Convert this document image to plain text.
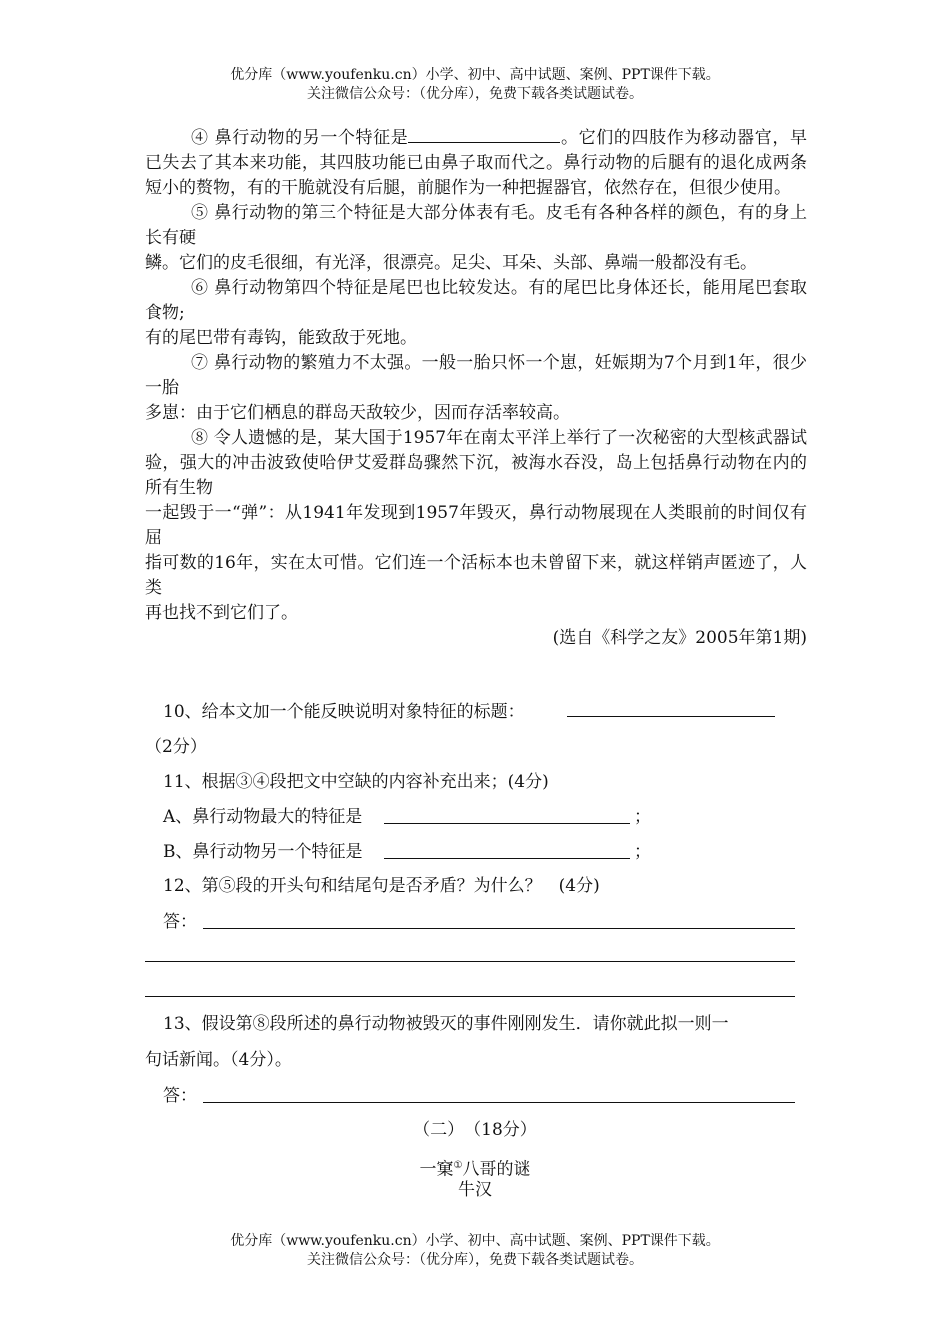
优分库（www.youfenku.cn）小学、初中、高中试题、案例、PPT课件下载。
关注微信公众号：（优分库），免费下载各类试题试卷。

④ 鼻行动物的另一个特征是	。它们的四肢作为移动器官，早已失去了其本来功能，其四肢功能已由鼻子取而代之。鼻行动物的后腿有的退化成两条短小的赘物，有的干脆就没有后腿，前腿作为一种把握器官，依然存在，但很少使用。

⑤ 鼻行动物的第三个特征是大部分体表有毛。皮毛有各种各样的颜色，有的身上长有硬
鳞。它们的皮毛很细，有光泽，很漂亮。足尖、耳朵、头部、鼻端一般都没有毛。

⑥ 鼻行动物第四个特征是尾巴也比较发达。有的尾巴比身体还长，能用尾巴套取食物;
有的尾巴带有毒钩，能致敌于死地。

⑦ 鼻行动物的繁殖力不太强。一般一胎只怀一个崽，妊娠期为7个月到1年，很少一胎
多崽：由于它们栖息的群岛天敌较少，因而存活率较高。

⑧ 令人遗憾的是，某大国于1957年在南太平洋上举行了一次秘密的大型核武器试验，强大的冲击波致使哈伊艾爱群岛骤然下沉，被海水吞没，岛上包括鼻行动物在内的所有生物
一起毁于一“弹”：从1941年发现到1957年毁灭，鼻行动物展现在人类眼前的时间仅有屈
指可数的16年，实在太可惜。它们连一个活标本也未曾留下来，就这样销声匿迹了，人类
再也找不到它们了。

(选自《科学之友》2005年第1期)

10、给本文加一个能反映说明对象特征的标题：
（2分）
11、根据③④段把文中空缺的内容补充出来；(4分)
A、鼻行动物最大的特征是	；
B、鼻行动物另一个特征是	；
12、第⑤段的开头句和结尾句是否矛盾？为什么？　(4分)
答：
13、假设第⑧段所述的鼻行动物被毁灭的事件刚刚发生．请你就此拟一则一
句话新闻。（4分）。
答：
（二）　（18分）
一窠①八哥的谜
牛汉
优分库（www.youfenku.cn）小学、初中、高中试题、案例、PPT课件下载。
关注微信公众号：（优分库），免费下载各类试题试卷。
